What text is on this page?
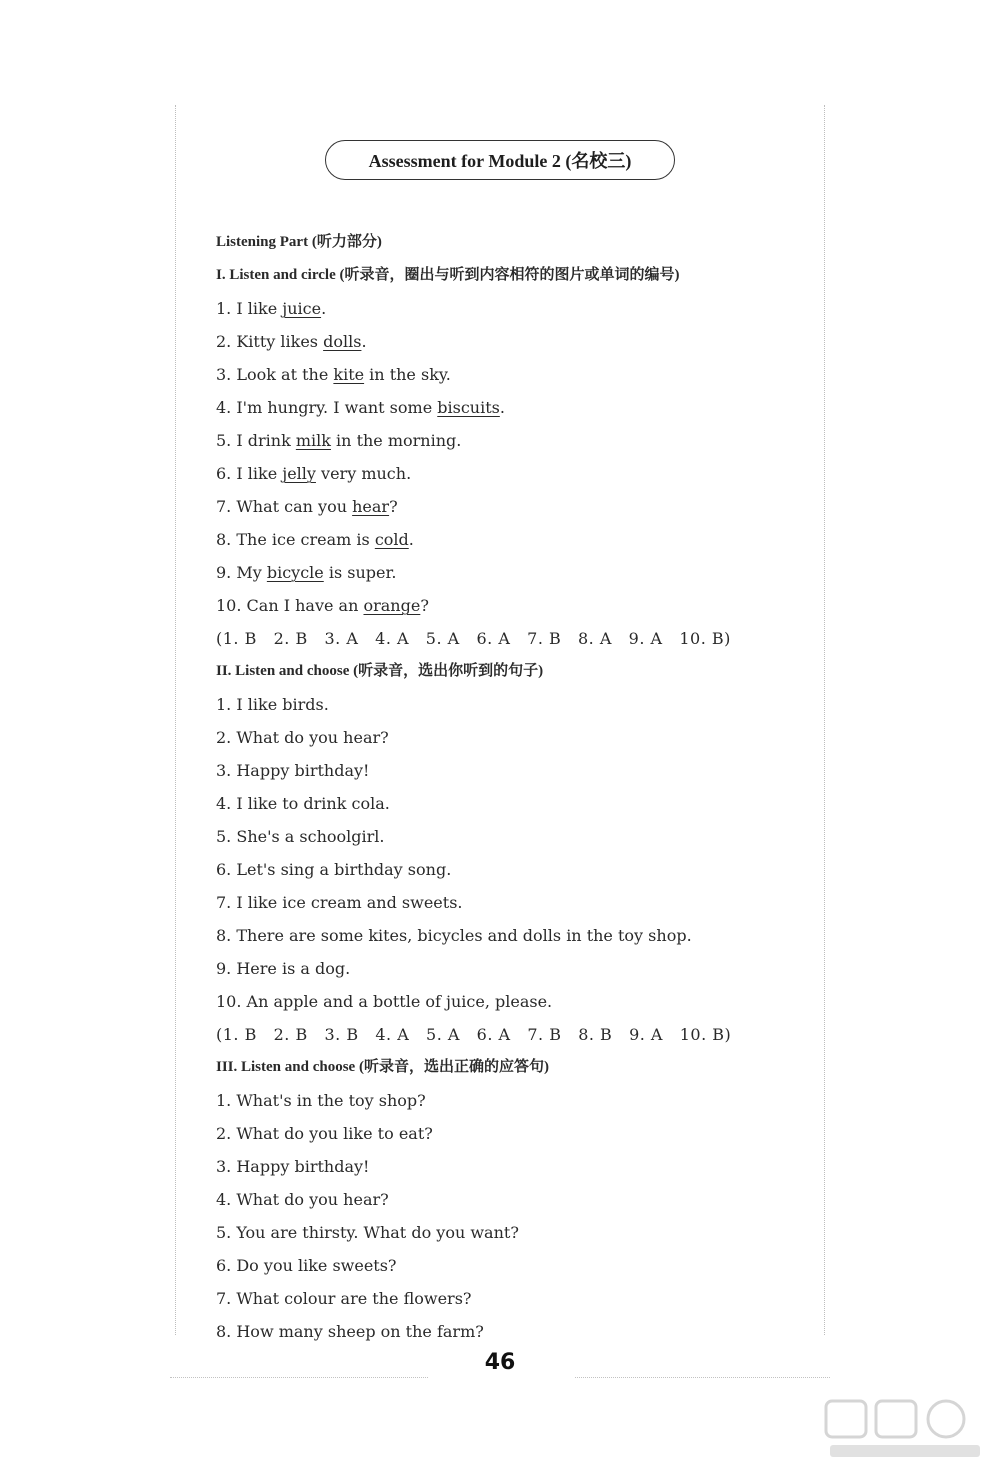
Assessment for Module 2 (名校三)
Listening Part (听力部分)
I. Listen and circle (听录音，圈出与听到内容相符的图片或单词的编号)
1. I like juice.
2. Kitty likes dolls.
3. Look at the kite in the sky.
4. I'm hungry. I want some biscuits.
5. I drink milk in the morning.
6. I like jelly very much.
7. What can you hear?
8. The ice cream is cold.
9. My bicycle is super.
10. Can I have an orange?
(1. B   2. B   3. A   4. A   5. A   6. A   7. B   8. A   9. A   10. B)
II. Listen and choose (听录音，选出你听到的句子)
1. I like birds.
2. What do you hear?
3. Happy birthday!
4. I like to drink cola.
5. She's a schoolgirl.
6. Let's sing a birthday song.
7. I like ice cream and sweets.
8. There are some kites, bicycles and dolls in the toy shop.
9. Here is a dog.
10. An apple and a bottle of juice, please.
(1. B   2. B   3. B   4. A   5. A   6. A   7. B   8. B   9. A   10. B)
III. Listen and choose (听录音，选出正确的应答句)
1. What's in the toy shop?
2. What do you like to eat?
3. Happy birthday!
4. What do you hear?
5. You are thirsty. What do you want?
6. Do you like sweets?
7. What colour are the flowers?
8. How many sheep on the farm?
46
